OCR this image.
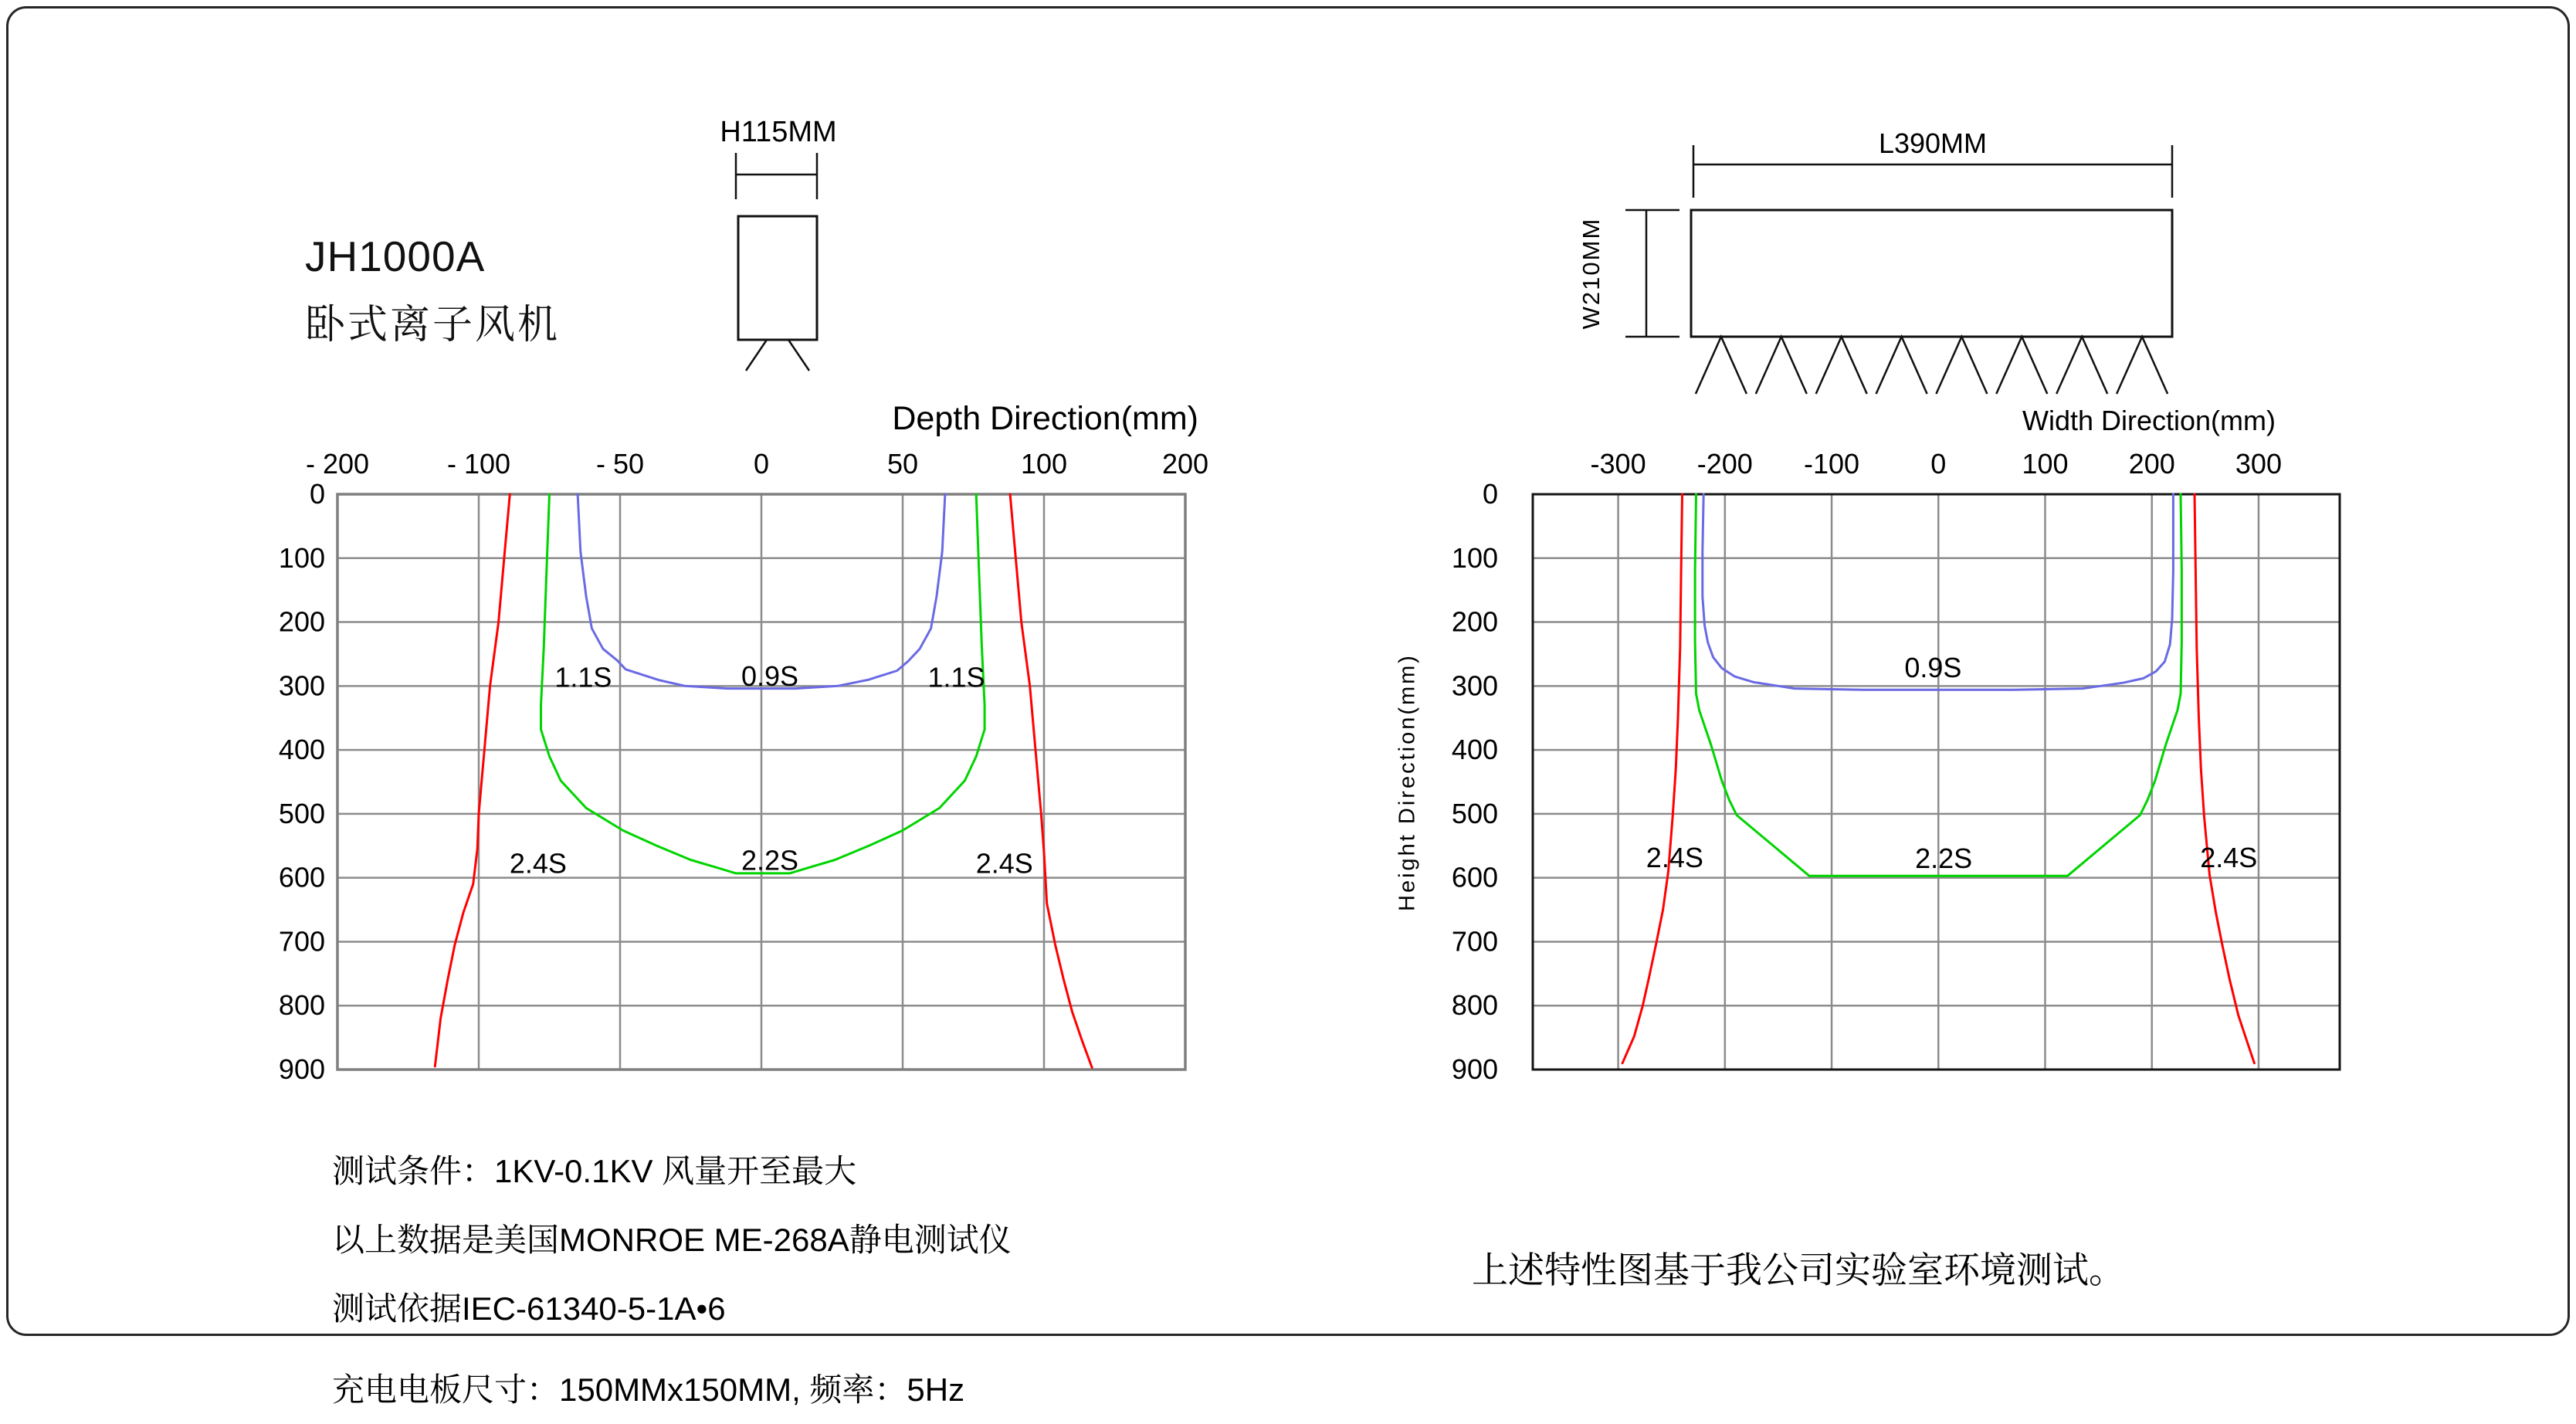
JH1000A
卧式离子风机
H115MM	L390MM
W210MM
Depth Direction(mm)	Width Direction(mm)
Height Direction(mm)
- 200	- 100	- 50	0	50	100	200
0
100
200
300
400
500
600
700
800
900
1.1S	0.9S	1.1S
2.4S	2.2S	2.4S
-300 -200 -100	0	100 200 300
0
100
200
300
400
500
600
700
800
900
0.9S
2.4S	2.2S	2.4S
测试条件：1KV-0.1KV 风量开至最大
以上数据是美国MONROE ME-268A静电测试仪
测试依据IEC-61340-5-1A•6
充电电板尺寸：150MMx150MM, 频率：5Hz
上述特性图基于我公司实验室环境测试。
